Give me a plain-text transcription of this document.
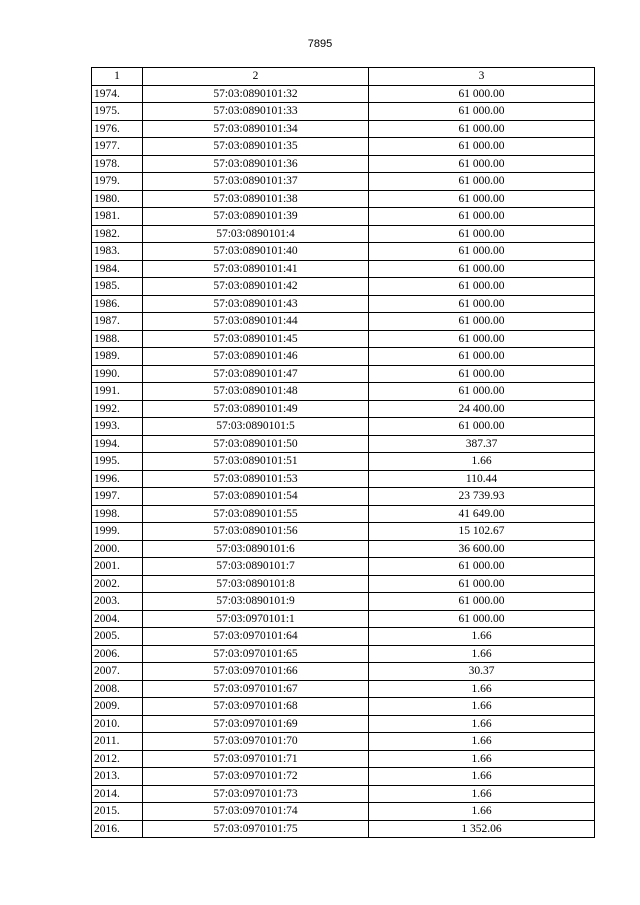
7895
1	2	3
1974.	57:03:0890101:32	61 000.00
1975.	57:03:0890101:33	61 000.00
1976.	57:03:0890101:34	61 000.00
1977.	57:03:0890101:35	61 000.00
1978.	57:03:0890101:36	61 000.00
1979.	57:03:0890101:37	61 000.00
1980.	57:03:0890101:38	61 000.00
1981.	57:03:0890101:39	61 000.00
1982.	57:03:0890101:4	61 000.00
1983.	57:03:0890101:40	61 000.00
1984.	57:03:0890101:41	61 000.00
1985.	57:03:0890101:42	61 000.00
1986.	57:03:0890101:43	61 000.00
1987.	57:03:0890101:44	61 000.00
1988.	57:03:0890101:45	61 000.00
1989.	57:03:0890101:46	61 000.00
1990.	57:03:0890101:47	61 000.00
1991.	57:03:0890101:48	61 000.00
1992.	57:03:0890101:49	24 400.00
1993.	57:03:0890101:5	61 000.00
1994.	57:03:0890101:50	387.37
1995.	57:03:0890101:51	1.66
1996.	57:03:0890101:53	110.44
1997.	57:03:0890101:54	23 739.93
1998.	57:03:0890101:55	41 649.00
1999.	57:03:0890101:56	15 102.67
2000.	57:03:0890101:6	36 600.00
2001.	57:03:0890101:7	61 000.00
2002.	57:03:0890101:8	61 000.00
2003.	57:03:0890101:9	61 000.00
2004.	57:03:0970101:1	61 000.00
2005.	57:03:0970101:64	1.66
2006.	57:03:0970101:65	1.66
2007.	57:03:0970101:66	30.37
2008.	57:03:0970101:67	1.66
2009.	57:03:0970101:68	1.66
2010.	57:03:0970101:69	1.66
2011.	57:03:0970101:70	1.66
2012.	57:03:0970101:71	1.66
2013.	57:03:0970101:72	1.66
2014.	57:03:0970101:73	1.66
2015.	57:03:0970101:74	1.66
2016.	57:03:0970101:75	1 352.06
